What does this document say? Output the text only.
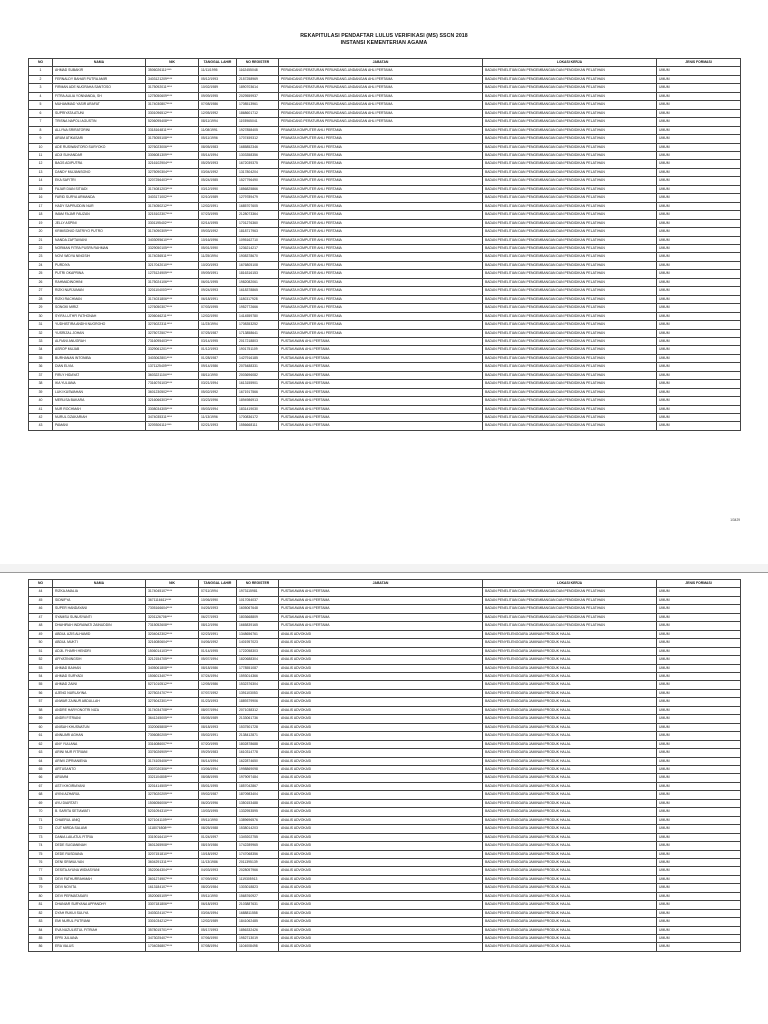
REKAPITULASI PENDAFTAR LULUS VERIFIKASI (MS) SSCN 2018
INSTANSI KEMENTERIAN AGAMA
NO	NAMA	NIK	TANGGAL LAHIR	NO REGISTER	JABATAN	LOKASI KERJA	JENIS FORMASI
1	AHMAD SUBAKIR	3506026111****	11/11/1995	1162455048	PERANCANG PERATURAN PERUNDANG-UNDANGAN AHLI PERTAMA	BADAN PENELITIAN DAN PENGEMBANGAN DAN PENDIDIKAN PELATIHAN	UMUM
2	FERNALDY BAHAR PUTRA AMIR	3403121209****	05/12/1993	2157258969	PERANCANG PERATURAN PERUNDANG-UNDANGAN AHLI PERTAMA	BADAN PENELITIAN DAN PENGEMBANGAN DAN PENDIDIKAN PELATIHAN	UMUM
3	FIRMAN ADE NUGRAHA SANTOSO	3175092011****	10/02/1989	1890703614	PERANCANG PERATURAN PERUNDANG-UNDANGAN AHLI PERTAMA	BADAN PENELITIAN DAN PENGEMBANGAN DAN PENDIDIKAN PELATIHAN	UMUM
4	FITRA AULIA YONNANDA, SH	1275050609****	09/09/1995	2029559937	PERANCANG PERATURAN PERUNDANG-UNDANGAN AHLI PERTAMA	BADAN PENELITIAN DAN PENGEMBANGAN DAN PENDIDIKAN PELATIHAN	UMUM
5	MUHAMMAD YASIR ARAFAT	3174030807****	07/08/1986	1708513961	PERANCANG PERATURAN PERUNDANG-UNDANGAN AHLI PERTAMA	BADAN PENELITIAN DAN PENGEMBANGAN DAN PENDIDIKAN PELATIHAN	UMUM
6	SUPRIYATA ATUNI	3301096512****	12/05/1992	1868601712	PERANCANG PERATURAN PERUNDANG-UNDANGAN AHLI PERTAMA	BADAN PENELITIAN DAN PENGEMBANGAN DAN PENDIDIKAN PELATIHAN	UMUM
7	TRISNA NAPOLI AGUSTIN	5206095408****	08/11/1994	1193965041	PERANCANG PERATURAN PERUNDANG-UNDANGAN AHLI PERTAMA	BADAN PENELITIAN DAN PENGEMBANGAN DAN PENDIDIKAN PELATIHAN	UMUM
8	ALLYNA SRIRATORINI	3318164811****	11/08/1991	1927858405	PRANATA KOMPUTER AHLI PERTAMA	BADAN PENELITIAN DAN PENGEMBANGAN DAN PENDIDIKAN PELATIHAN	UMUM
9	ARUM ATIKASARI	3175055108****	05/11/1996	1707459312	PRANATA KOMPUTER AHLI PERTAMA	BADAN PENELITIAN DAN PENGEMBANGAN DAN PENDIDIKAN PELATIHAN	UMUM
10	ADE RUSWANTORO SURYOKO	3276023006****	08/05/1983	1685852346	PRANATA KOMPUTER AHLI PERTAMA	BADAN PENELITIAN DAN PENGEMBANGAN DAN PENDIDIKAN PELATIHAN	UMUM
11	ADJI SUHANDAR	3306081309****	05/14/1994	1303358356	PRANATA KOMPUTER AHLI PERTAMA	BADAN PENELITIAN DAN PENGEMBANGAN DAN PENDIDIKAN PELATIHAN	UMUM
12	BAGS ADIPUTRA	3216102904****	05/29/1993	1672039375	PRANATA KOMPUTER AHLI PERTAMA	BADAN PENELITIAN DAN PENGEMBANGAN DAN PENDIDIKAN PELATIHAN	UMUM
13	DANDY MUJIANSONO	3275090304****	03/04/1992	1317804204	PRANATA KOMPUTER AHLI PERTAMA	BADAN PENELITIAN DAN PENGEMBANGAN DAN PENDIDIKAN PELATIHAN	UMUM
14	EKA SAFITRI	3207256403****	05/24/1985	1527796490	PRANATA KOMPUTER AHLI PERTAMA	BADAN PENELITIAN DAN PENGEMBANGAN DAN PENDIDIKAN PELATIHAN	UMUM
15	FAJAR DIAN SITIADI	3174081203****	03/12/1990	1856825866	PRANATA KOMPUTER AHLI PERTAMA	BADAN PENELITIAN DAN PENGEMBANGAN DAN PENDIDIKAN PELATIHAN	UMUM
16	FARID SURYA ARMANDA	3403171002****	02/10/1989	1279789479	PRANATA KOMPUTER AHLI PERTAMA	BADAN PENELITIAN DAN PENGEMBANGAN DAN PENDIDIKAN PELATIHAN	UMUM
17	HADY SAPRUDDIN NUR	3174050212****	12/02/1991	1685707605	PRANATA KOMPUTER AHLI PERTAMA	BADAN PENELITIAN DAN PENGEMBANGAN DAN PENDIDIKAN PELATIHAN	UMUM
18	IMAM FAJAR FAUZAN	3215102307****	07/23/1995	2128073364	PRANATA KOMPUTER AHLI PERTAMA	BADAN PENELITIAN DAN PENGEMBANGAN DAN PENDIDIKAN PELATIHAN	UMUM
19	JELLY ASPINI	3301195402****	02/14/1995	1701276360	PRANATA KOMPUTER AHLI PERTAMA	BADAN PENELITIAN DAN PENGEMBANGAN DAN PENDIDIKAN PELATIHAN	UMUM
20	KRIMSONIO SATRIYO PUTRO	3174090309****	09/03/1992	1818717963	PRANATA KOMPUTER AHLI PERTAMA	BADAN PENELITIAN DAN PENGEMBANGAN DAN PENDIDIKAN PELATIHAN	UMUM
21	NANDA ZAFTAVIANI	3403095610****	10/16/1996	1095162710	PRANATA KOMPUTER AHLI PERTAMA	BADAN PENELITIAN DAN PENGEMBANGAN DAN PENDIDIKAN PELATIHAN	UMUM
22	NORMAN FITRA PUSPA RAHMAN	3329050105****	05/01/1990	1236214217	PRANATA KOMPUTER AHLI PERTAMA	BADAN PENELITIAN DAN PENGEMBANGAN DAN PENDIDIKAN PELATIHAN	UMUM
23	NOVI WIDYA NINGSIH	3174036511****	11/25/1994	1908378670	PRANATA KOMPUTER AHLI PERTAMA	BADAN PENELITIAN DAN PENGEMBANGAN DAN PENDIDIKAN PELATIHAN	UMUM
24	PURDIYA	3217042010****	10/20/1993	1676805108	PRANATA KOMPUTER AHLI PERTAMA	BADAN PENELITIAN DAN PENGEMBANGAN DAN PENDIDIKAN PELATIHAN	UMUM
25	PUTRI OKAPRINA	1275124909****	09/09/1991	1816316153	PRANATA KOMPUTER AHLI PERTAMA	BADAN PENELITIAN DAN PENGEMBANGAN DAN PENDIDIKAN PELATIHAN	UMUM
26	RAHMADINOHINI	3175024106****	06/01/1995	1982082061	PRANATA KOMPUTER AHLI PERTAMA	BADAN PENELITIAN DAN PENGEMBANGAN DAN PENDIDIKAN PELATIHAN	UMUM
27	RIZKI NURJUMAN	3201104003****	09/24/1993	1618378865	PRANATA KOMPUTER AHLI PERTAMA	BADAN PENELITIAN DAN PENGEMBANGAN DAN PENDIDIKAN PELATIHAN	UMUM
28	RIZKI RACHMAN	3174031806****	06/18/1991	1180317928	PRANATA KOMPUTER AHLI PERTAMA	BADAN PENELITIAN DAN PENGEMBANGAN DAN PENDIDIKAN PELATIHAN	UMUM
29	SONGKI MIRIZ	1276050307****	07/03/1995	1952772666	PRANATA KOMPUTER AHLI PERTAMA	BADAN PENELITIAN DAN PENGEMBANGAN DAN PENDIDIKAN PELATIHAN	UMUM
30	SYIFA LUTHFI FATHONAH	3206046211****	12/02/1990	1414559780	PRANATA KOMPUTER AHLI PERTAMA	BADAN PENELITIAN DAN PENGEMBANGAN DAN PENDIDIKAN PELATIHAN	UMUM
31	YUDHISTIRA ANDHI NUGROHO	3276022311****	11/23/1994	1708353252	PRANATA KOMPUTER AHLI PERTAMA	BADAN PENELITIAN DAN PENGEMBANGAN DAN PENDIDIKAN PELATIHAN	UMUM
32	YUSRIZAL JOHAN	3275072507****	07/25/1987	1713858641	PRANATA KOMPUTER AHLI PERTAMA	BADAN PENELITIAN DAN PENGEMBANGAN DAN PENDIDIKAN PELATIHAN	UMUM
33	ALFIANI ANUGRAH	7316095403****	03/14/1995	2017218803	PUSTAKAWAN AHLI PERTAMA	BADAN PENELITIAN DAN PENGEMBANGAN DAN PENDIDIKAN PELATIHAN	UMUM
34	ASROP MUJAB	3329061201****	01/12/1993	1901751109	PUSTAKAWAN AHLI PERTAMA	BADAN PENELITIAN DAN PENGEMBANGAN DAN PENDIDIKAN PELATIHAN	UMUM
35	BURHANAN INTONIBA	3403062801****	01/28/1987	1427916185	PUSTAKAWAN AHLI PERTAMA	BADAN PENELITIAN DAN PENGEMBANGAN DAN PENDIDIKAN PELATIHAN	UMUM
36	DIAN ELVIA	1371125409****	09/14/1986	2075488331	PUSTAKAWAN AHLI PERTAMA	BADAN PENELITIAN DAN PENGEMBANGAN DAN PENDIDIKAN PELATIHAN	UMUM
37	FIRLY HIDAYAT	3603221104****	08/11/1990	2003696082	PUSTAKAWAN AHLI PERTAMA	BADAN PENELITIAN DAN PENGEMBANGAN DAN PENDIDIKAN PELATIHAN	UMUM
38	IKA YULIANA	7316076103****	03/21/1994	1613155901	PUSTAKAWAN AHLI PERTAMA	BADAN PENELITIAN DAN PENGEMBANGAN DAN PENDIDIKAN PELATIHAN	UMUM
39	LUKI KUSWAHAN	3601230502****	05/02/1992	1671917566	PUSTAKAWAN AHLI PERTAMA	BADAN PENELITIAN DAN PENGEMBANGAN DAN PENDIDIKAN PELATIHAN	UMUM
40	MERLISA BAKARA	3216066303****	03/23/1996	1894986913	PUSTAKAWAN AHLI PERTAMA	BADAN PENELITIAN DAN PENGEMBANGAN DAN PENDIDIKAN PELATIHAN	UMUM
41	NUR ROCHMAH	3308034305****	05/03/1994	1831419030	PUSTAKAWAN AHLI PERTAMA	BADAN PENELITIAN DAN PENGEMBANGAN DAN PENDIDIKAN PELATIHAN	UMUM
42	NURUL DZAKARIAH	3474035311****	11/13/1996	1700836172	PUSTAKAWAN AHLI PERTAMA	BADAN PENELITIAN DAN PENGEMBANGAN DAN PENDIDIKAN PELATIHAN	UMUM
43	PAMANI	3209306111****	02/21/1993	1556668111	PUSTAKAWAN AHLI PERTAMA	BADAN PENELITIAN DAN PENGEMBANGAN DAN PENDIDIKAN PELATIHAN	UMUM
1/3429
NO	NAMA	NIK	TANGGAL LAHIR	NO REGISTER	JABATAN	LOKASI KERJA	JENIS FORMASI
44	RIZKA AMALIA	3174045107****	07/11/1994	1973115981	PUSTAKAWAN AHLI PERTAMA	BADAN PENELITIAN DAN PENGEMBANGAN DAN PENDIDIKAN PELATIHAN	UMUM
45	SIDNIFYA	3671116611****	10/06/1990	1017054037	PUSTAKAWAN AHLI PERTAMA	BADAN PENELITIAN DAN PENGEMBANGAN DAN PENDIDIKAN PELATIHAN	UMUM
46	SUPER HANDAYANI	7305166604****	04/26/1993	1605067648	PUSTAKAWAN AHLI PERTAMA	BADAN PENELITIAN DAN PENGEMBANGAN DAN PENDIDIKAN PELATIHAN	UMUM
47	SYAMSU SUNUSYANTI	3201126706****	06/27/1993	1803668809	PUSTAKAWAN AHLI PERTAMA	BADAN PENELITIAN DAN PENGEMBANGAN DAN PENDIDIKAN PELATIHAN	UMUM
48	DHAHIRAH INDRAWATI ZAINUDDIN	7315052608****	08/12/1996	1665839165	PUSTAKAWAN AHLI PERTAMA	BADAN PENELITIAN DAN PENGEMBANGAN DAN PENDIDIKAN PELATIHAN	UMUM
49	ABDUL AZIS ALHAMID	3204042302****	02/23/1991	1348656761	ANALIS ADVOKASI	BADAN PENYELENGGARA JAMINAN PRODUK HALAL	UMUM
50	ABDUL MUKTI	3216080604****	04/06/1992	1401957023	ANALIS ADVOKASI	BADAN PENYELENGGARA JAMINAN PRODUK HALAL	UMUM
51	ADJIL FHARH HENDRI	1506014103****	01/14/1995	1722058303	ANALIS ADVOKASI	BADAN PENYELENGGARA JAMINAN PRODUK HALAL	UMUM
52	AFIYATININGSIH	3212154705****	05/07/1994	1820688304	ANALIS ADVOKASI	BADAN PENYELENGGARA JAMINAN PRODUK HALAL	UMUM
53	AHMAD BAIHAN	3405061808****	08/18/1986	1778551087	ANALIS ADVOKASI	BADAN PENYELENGGARA JAMINAN PRODUK HALAL	UMUM
54	AHMAD SURYADI	1506013407****	07/24/1994	1593014366	ANALIS ADVOKASI	BADAN PENYELENGGARA JAMINAN PRODUK HALAL	UMUM
55	AHMAD ZAINI	5271010512****	12/05/1986	1532376304	ANALIS ADVOKASI	BADAN PENYELENGGARA JAMINAN PRODUK HALAL	UMUM
56	AJENG NURLAYINA	3275024707****	07/07/1992	1391103053	ANALIS ADVOKASI	BADAN PENYELENGGARA JAMINAN PRODUK HALAL	UMUM
57	ANWAR ZAINUR ABDULLAH	3276042301****	01/23/1993	1889379906	ANALIS ADVOKASI	BADAN PENYELENGGARA JAMINAN PRODUK HALAL	UMUM
58	ANDRE HARYONOTRI NIZA	3174034708****	08/07/1994	2071038312	ANALIS ADVOKASI	BADAN PENYELENGGARA JAMINAN PRODUK HALAL	UMUM
59	ANDRI FITRIANI	3641245005****	05/05/1989	2133061736	ANALIS ADVOKASI	BADAN PENYELENGGARA JAMINAN PRODUK HALAL	UMUM
60	ANISAH KHUSNATUN	3320065808****	08/18/1993	1537501728	ANALIS ADVOKASI	BADAN PENYELENGGARA JAMINAN PRODUK HALAL	UMUM
61	ANNUARI AGHAN	7306080205****	05/02/1991	2138412871	ANALIS ADVOKASI	BADAN PENYELENGGARA JAMINAN PRODUK HALAL	UMUM
62	ANY YULIANA	3316086007****	07/20/1995	1802878688	ANALIS ADVOKASI	BADAN PENYELENGGARA JAMINAN PRODUK HALAL	UMUM
63	ARINI NUR FITRIANI	3376026909****	09/29/1983	1610314778	ANALIS ADVOKASI	BADAN PENYELENGGARA JAMINAN PRODUK HALAL	UMUM
64	ARIWI ZIPRIANIENA	3174105406****	06/14/1994	1622874650	ANALIS ADVOKASI	BADAN PENYELENGGARA JAMINAN PRODUK HALAL	UMUM
65	ARTUSANTO	3307020306****	03/06/1994	1998869098	ANALIS ADVOKASI	BADAN PENYELENGGARA JAMINAN PRODUK HALAL	UMUM
66	ARUMNI	3321104808****	08/08/1995	1979097484	ANALIS ADVOKASI	BADAN PENYELENGGARA JAMINAN PRODUK HALAL	UMUM
67	ASTI KHOIRIAYANI	3201414505****	05/01/1995	1857042867	ANALIS ADVOKASI	BADAN PENYELENGGARA JAMINAN PRODUK HALAL	UMUM
68	AYINI AZHARUL	3275020209****	09/02/1987	1870983404	ANALIS ADVOKASI	BADAN PENYELENGGARA JAMINAN PRODUK HALAL	UMUM
69	AYU DIARTATI	1506056006****	06/20/1996	1350153488	ANALIS ADVOKASI	BADAN PENYELENGGARA JAMINAN PRODUK HALAL	UMUM
70	B. SARITA SETIAWATI	5201094310****	10/03/1995	1332953595	ANALIS ADVOKASI	BADAN PENYELENGGARA JAMINAN PRODUK HALAL	UMUM
71	CHAERUL ANIQ	5271041109****	09/11/1990	1389696576	ANALIS ADVOKASI	BADAN PENYELENGGARA JAMINAN PRODUK HALAL	UMUM
72	CUT MIRDA SALAMI	1118076508****	08/25/1988	1538014203	ANALIS ADVOKASI	BADAN PENYELENGGARA JAMINAN PRODUK HALAL	UMUM
73	DANIA LAILATUL FITRIA	3319016410****	01/24/1997	1349202755	ANALIS ADVOKASI	BADAN PENYELENGGARA JAMINAN PRODUK HALAL	UMUM
74	DEDE SUGIANINAH	3601265908****	08/19/1986	1742289965	ANALIS ADVOKASI	BADAN PENYELENGGARA JAMINAN PRODUK HALAL	UMUM
75	DEDE RUSDIANA	3207151810****	10/18/1992	1747068356	ANALIS ADVOKASI	BADAN PENYELENGGARA JAMINAN PRODUK HALAL	UMUM
76	DENI SRIWULYAN	3604291311****	11/13/1986	2011395139	ANALIS ADVOKASI	BADAN PENYELENGGARA JAMINAN PRODUK HALAL	UMUM
77	DESITA AYUNA WIDIASYANI	3522064304****	04/03/1993	2028057966	ANALIS ADVOKASI	BADAN PENYELENGGARA JAMINAN PRODUK HALAL	UMUM
78	DEVI FATHURRAHMAH	3601274907****	07/09/1992	1119305913	ANALIS ADVOKASI	BADAN PENYELENGGARA JAMINAN PRODUK HALAL	UMUM
79	DEVI NOVITA	1613184107****	08/20/1984	1303018823	ANALIS ADVOKASI	BADAN PENYELENGGARA JAMINAN PRODUK HALAL	UMUM
80	DEVI PERMATASARI	3520065109****	09/11/1990	1568760927	ANALIS ADVOKASI	BADAN PENYELENGGARA JAMINAN PRODUK HALAL	UMUM
81	DHANIAR SURYANA APPANDHY	3307181806****	06/18/1993	2103887631	ANALIS ADVOKASI	BADAN PENYELENGGARA JAMINAN PRODUK HALAL	UMUM
82	DYAH RUKUI SULIYA	3403024107****	03/04/1994	1688811558	ANALIS ADVOKASI	BADAN PENYELENGGARA JAMINAN PRODUK HALAL	UMUM
83	EMI NURUL PUTRIANI	3301034212****	12/02/1989	1841062485	ANALIS ADVOKASI	BADAN PENYELENGGARA JAMINAN PRODUK HALAL	UMUM
84	EVA NUZULISTUL FITRIAH	3578015701****	05/17/1993	1856332426	ANALIS ADVOKASI	BADAN PENYELENGGARA JAMINAN PRODUK HALAL	UMUM
85	EPRI JULIANA	3473025407****	07/06/1990	1952713019	ANALIS ADVOKASI	BADAN PENYELENGGARA JAMINAN PRODUK HALAL	UMUM
86	ERA VALUS	1704036807****	07/08/1994	1104008498	ANALIS ADVOKASI	BADAN PENYELENGGARA JAMINAN PRODUK HALAL	UMUM
